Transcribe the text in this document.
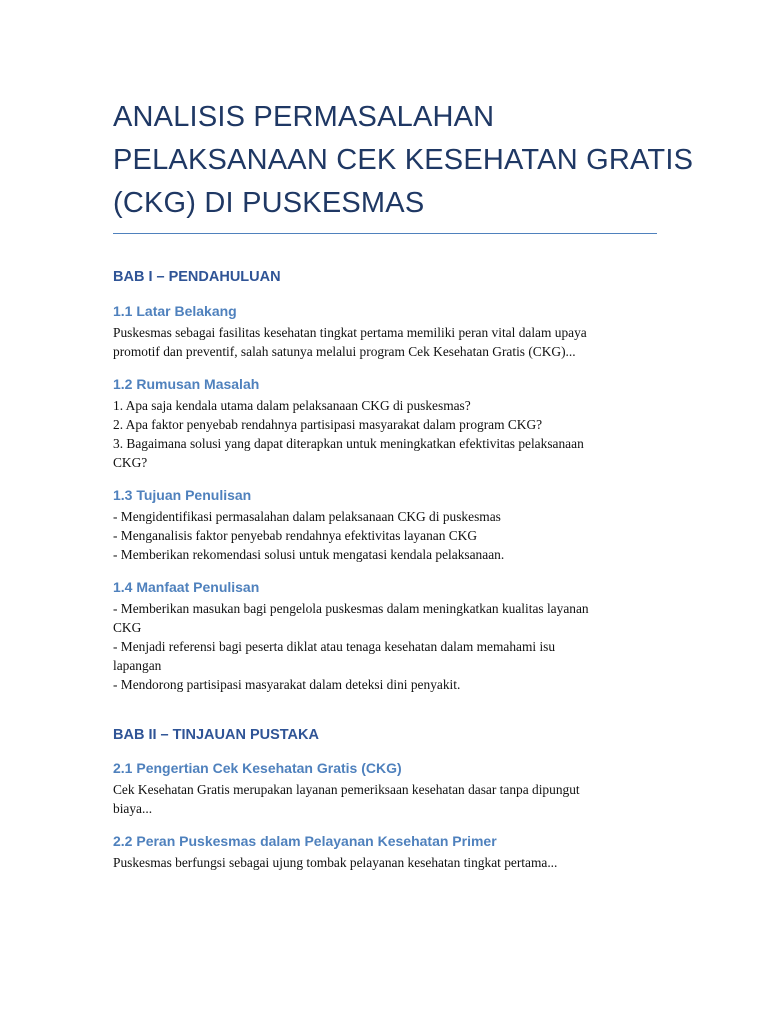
ANALISIS PERMASALAHAN
PELAKSANAAN CEK KESEHATAN GRATIS
(CKG) DI PUSKESMAS
BAB I – PENDAHULUAN
1.1 Latar Belakang

Puskesmas sebagai fasilitas kesehatan tingkat pertama memiliki peran vital dalam upaya
promotif dan preventif, salah satunya melalui program Cek Kesehatan Gratis (CKG)...

1.2 Rumusan Masalah

1. Apa saja kendala utama dalam pelaksanaan CKG di puskesmas?
2. Apa faktor penyebab rendahnya partisipasi masyarakat dalam program CKG?
3. Bagaimana solusi yang dapat diterapkan untuk meningkatkan efektivitas pelaksanaan
CKG?

1.3 Tujuan Penulisan

- Mengidentifikasi permasalahan dalam pelaksanaan CKG di puskesmas
- Menganalisis faktor penyebab rendahnya efektivitas layanan CKG
- Memberikan rekomendasi solusi untuk mengatasi kendala pelaksanaan.

1.4 Manfaat Penulisan

- Memberikan masukan bagi pengelola puskesmas dalam meningkatkan kualitas layanan
CKG
- Menjadi referensi bagi peserta diklat atau tenaga kesehatan dalam memahami isu
lapangan
- Mendorong partisipasi masyarakat dalam deteksi dini penyakit.

BAB II – TINJAUAN PUSTAKA
2.1 Pengertian Cek Kesehatan Gratis (CKG)

Cek Kesehatan Gratis merupakan layanan pemeriksaan kesehatan dasar tanpa dipungut
biaya...

2.2 Peran Puskesmas dalam Pelayanan Kesehatan Primer

Puskesmas berfungsi sebagai ujung tombak pelayanan kesehatan tingkat pertama...
